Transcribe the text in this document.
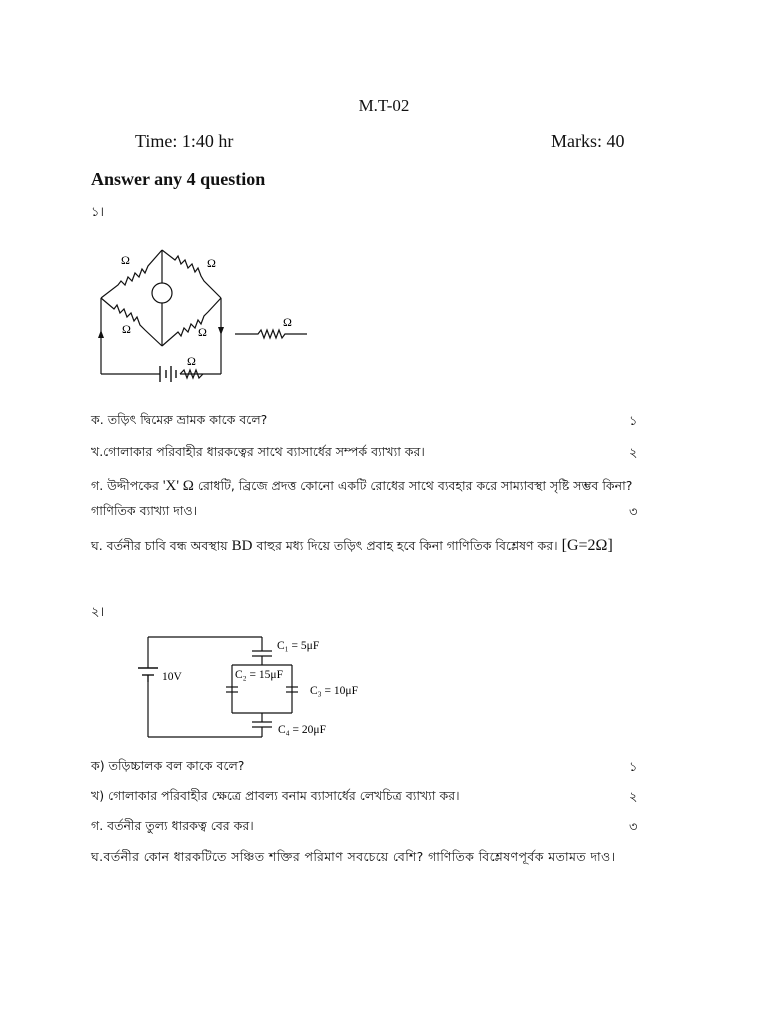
M.T-02
Time: 1:40 hr	Marks: 40
Answer any 4 question
১।
Ω	Ω
Ω	Ω
Ω
Ω
ক. তড়িৎ দ্বিমেরু ভ্রামক কাকে বলে?	১
খ.গোলাকার পরিবাহীর ধারকত্বের সাথে ব্যাসার্ধের সম্পর্ক ব্যাখ্যা কর।	২
গ. উদ্দীপকের 'X' Ω রোধটি, ব্রিজে প্রদত্ত কোনো একটি রোধের সাথে ব্যবহার করে সাম্যাবস্থা সৃষ্টি সম্ভব কিনা?
গাণিতিক ব্যাখ্যা দাও।	৩
ঘ. বর্তনীর চাবি বন্ধ অবস্থায় BD বাহুর মধ্য দিয়ে তড়িৎ প্রবাহ হবে কিনা গাণিতিক বিশ্লেষণ কর। [G=2Ω]
২।
10V
C₁ = 5μF
C₂ = 15μF
C₃ = 10μF
C₄ = 20μF
ক) তড়িচ্চালক বল কাকে বলে?	১
খ) গোলাকার পরিবাহীর ক্ষেত্রে প্রাবল্য বনাম ব্যাসার্ধের লেখচিত্র ব্যাখ্যা কর।	২
গ. বর্তনীর তুল্য ধারকত্ব বের কর।	৩
ঘ.বর্তনীর কোন ধারকটিতে সঞ্চিত শক্তির পরিমাণ সবচেয়ে বেশি? গাণিতিক বিশ্লেষণপূর্বক মতামত দাও।
